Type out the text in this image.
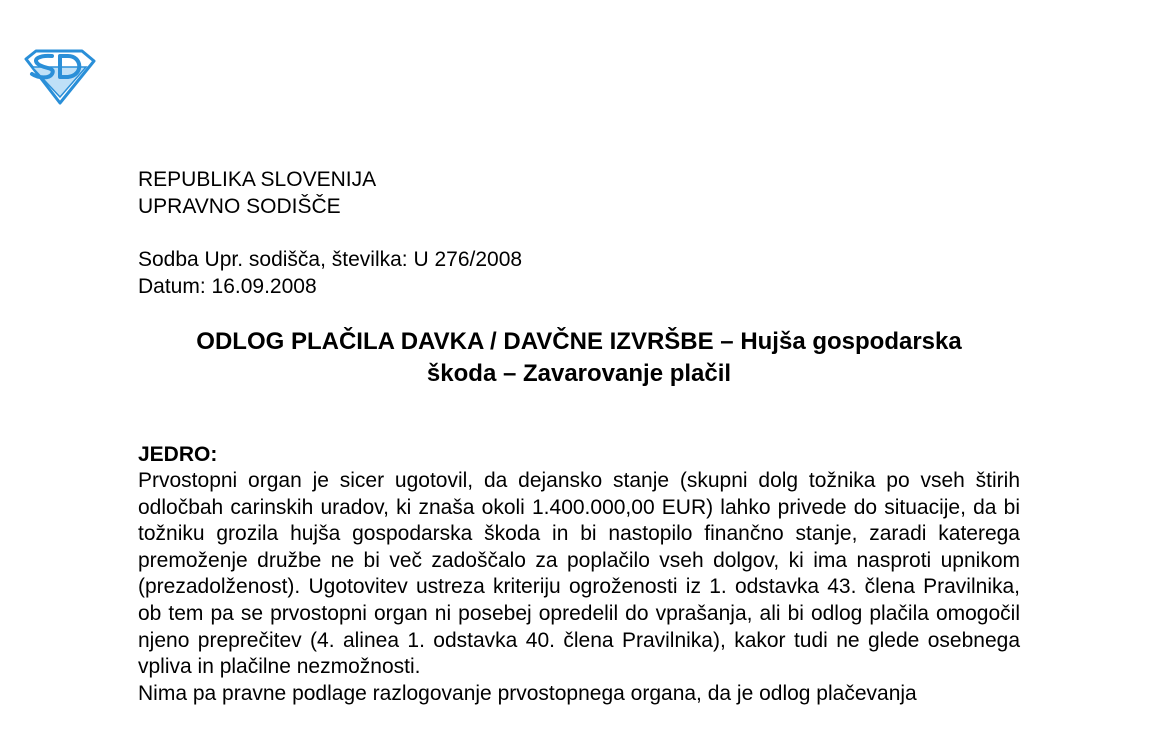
REPUBLIKA SLOVENIJA
UPRAVNO SODIŠČE
Sodba Upr. sodišča, številka: U 276/2008
Datum: 16.09.2008
ODLOG PLAČILA DAVKA / DAVČNE IZVRŠBE – Hujša gospodarska
škoda – Zavarovanje plačil
JEDRO:

Prvostopni organ je sicer ugotovil, da dejansko stanje (skupni dolg tožnika po vseh štirih odločbah carinskih uradov, ki znaša okoli 1.400.000,00 EUR) lahko privede do situacije, da bi tožniku grozila hujša gospodarska škoda in bi nastopilo finančno stanje, zaradi katerega premoženje družbe ne bi več zadoščalo za poplačilo vseh dolgov, ki ima nasproti upnikom (prezadolženost). Ugotovitev ustreza kriteriju ogroženosti iz 1. odstavka 43. člena Pravilnika, ob tem pa se prvostopni organ ni posebej opredelil do vprašanja, ali bi odlog plačila omogočil njeno preprečitev (4. alinea 1. odstavka 40. člena Pravilnika), kakor tudi ne glede osebnega vpliva in plačilne nezmožnosti.

Nima pa pravne podlage razlogovanje prvostopnega organa, da je odlog plačevanja
